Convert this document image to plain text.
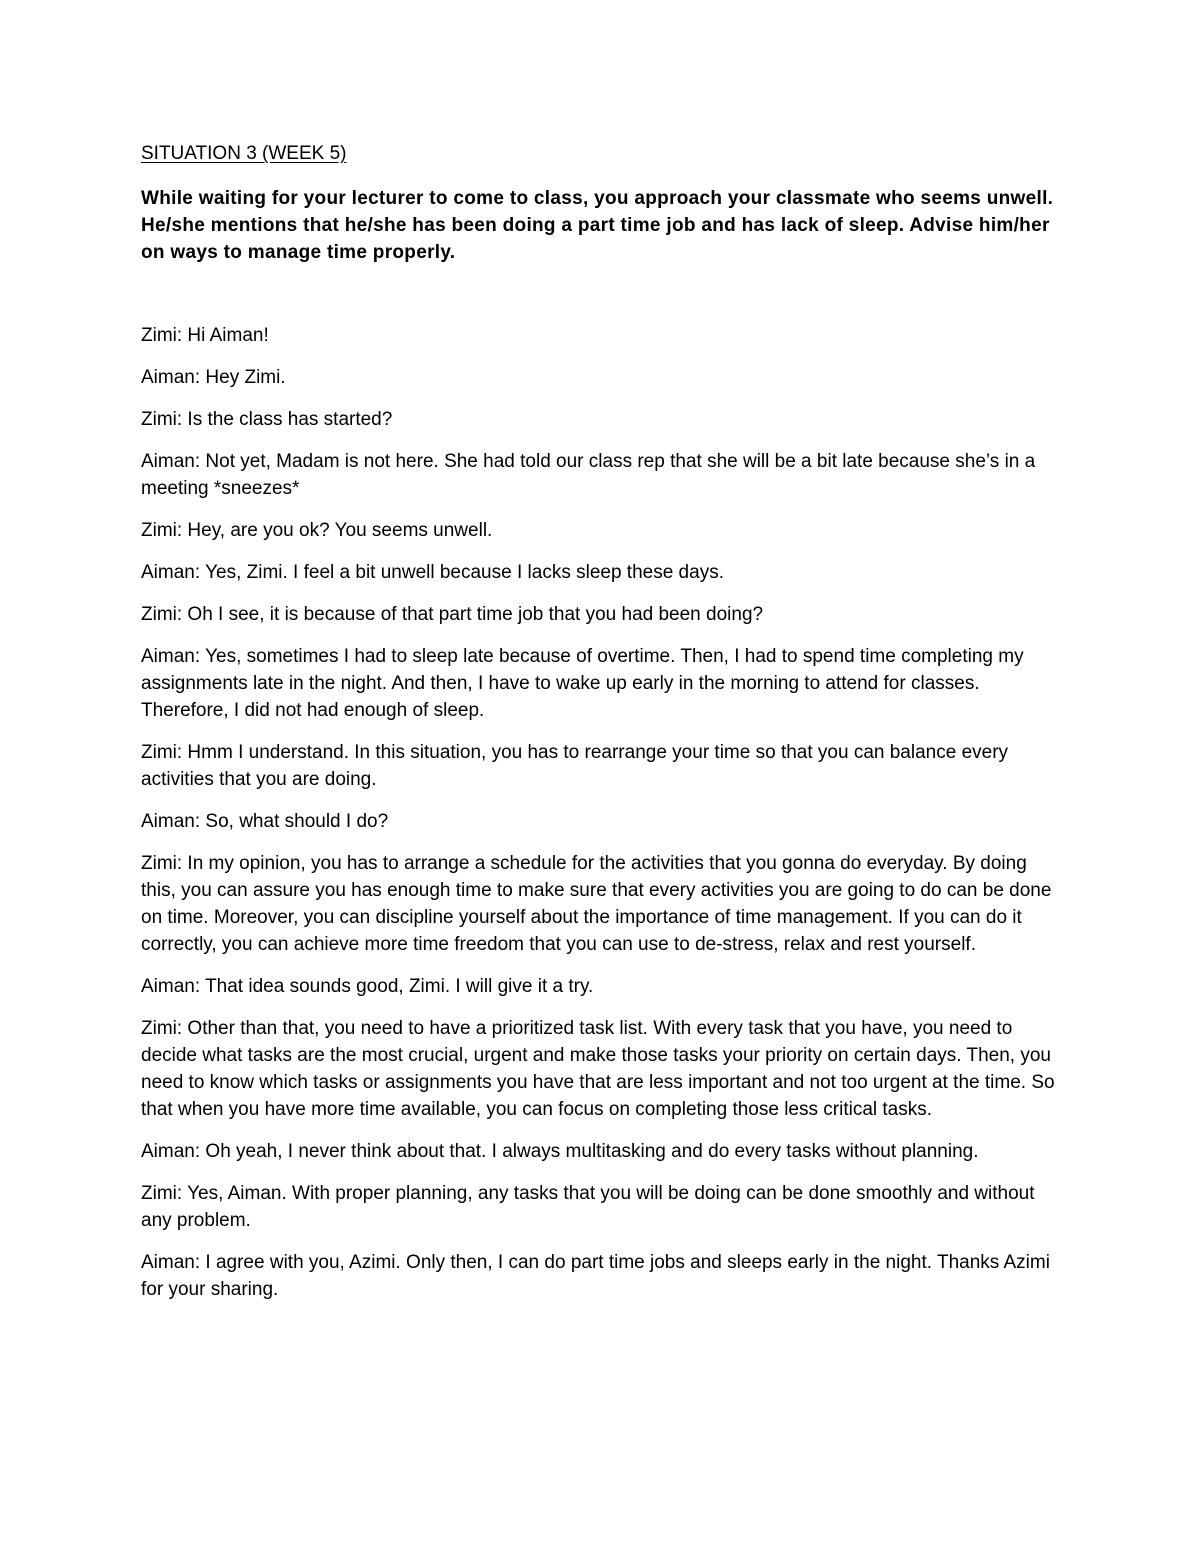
SITUATION 3 (WEEK 5)

While waiting for your lecturer to come to class, you approach your classmate who seems unwell. He/she mentions that he/she has been doing a part time job and has lack of sleep. Advise him/her on ways to manage time properly.

Zimi: Hi Aiman!

Aiman: Hey Zimi.

Zimi: Is the class has started?

Aiman: Not yet, Madam is not here. She had told our class rep that she will be a bit late because she’s in a meeting *sneezes*

Zimi: Hey, are you ok? You seems unwell.

Aiman: Yes, Zimi. I feel a bit unwell because I lacks sleep these days.

Zimi: Oh I see, it is because of that part time job that you had been doing?

Aiman: Yes, sometimes I had to sleep late because of overtime. Then, I had to spend time completing my assignments late in the night. And then, I have to wake up early in the morning to attend for classes. Therefore, I did not had enough of sleep.

Zimi: Hmm I understand. In this situation, you has to rearrange your time so that you can balance every activities that you are doing.

Aiman: So, what should I do?

Zimi: In my opinion, you has to arrange a schedule for the activities that you gonna do everyday. By doing this, you can assure you has enough time to make sure that every activities you are going to do can be done on time. Moreover, you can discipline yourself about the importance of time management. If you can do it correctly, you can achieve more time freedom that you can use to de-stress, relax and rest yourself.

Aiman: That idea sounds good, Zimi. I will give it a try.

Zimi: Other than that, you need to have a prioritized task list. With every task that you have, you need to decide what tasks are the most crucial, urgent and make those tasks your priority on certain days. Then, you need to know which tasks or assignments you have that are less important and not too urgent at the time. So that when you have more time available, you can focus on completing those less critical tasks.

Aiman: Oh yeah, I never think about that. I always multitasking and do every tasks without planning.

Zimi: Yes, Aiman. With proper planning, any tasks that you will be doing can be done smoothly and without any problem.

Aiman: I agree with you, Azimi. Only then, I can do part time jobs and sleeps early in the night. Thanks Azimi for your sharing.
